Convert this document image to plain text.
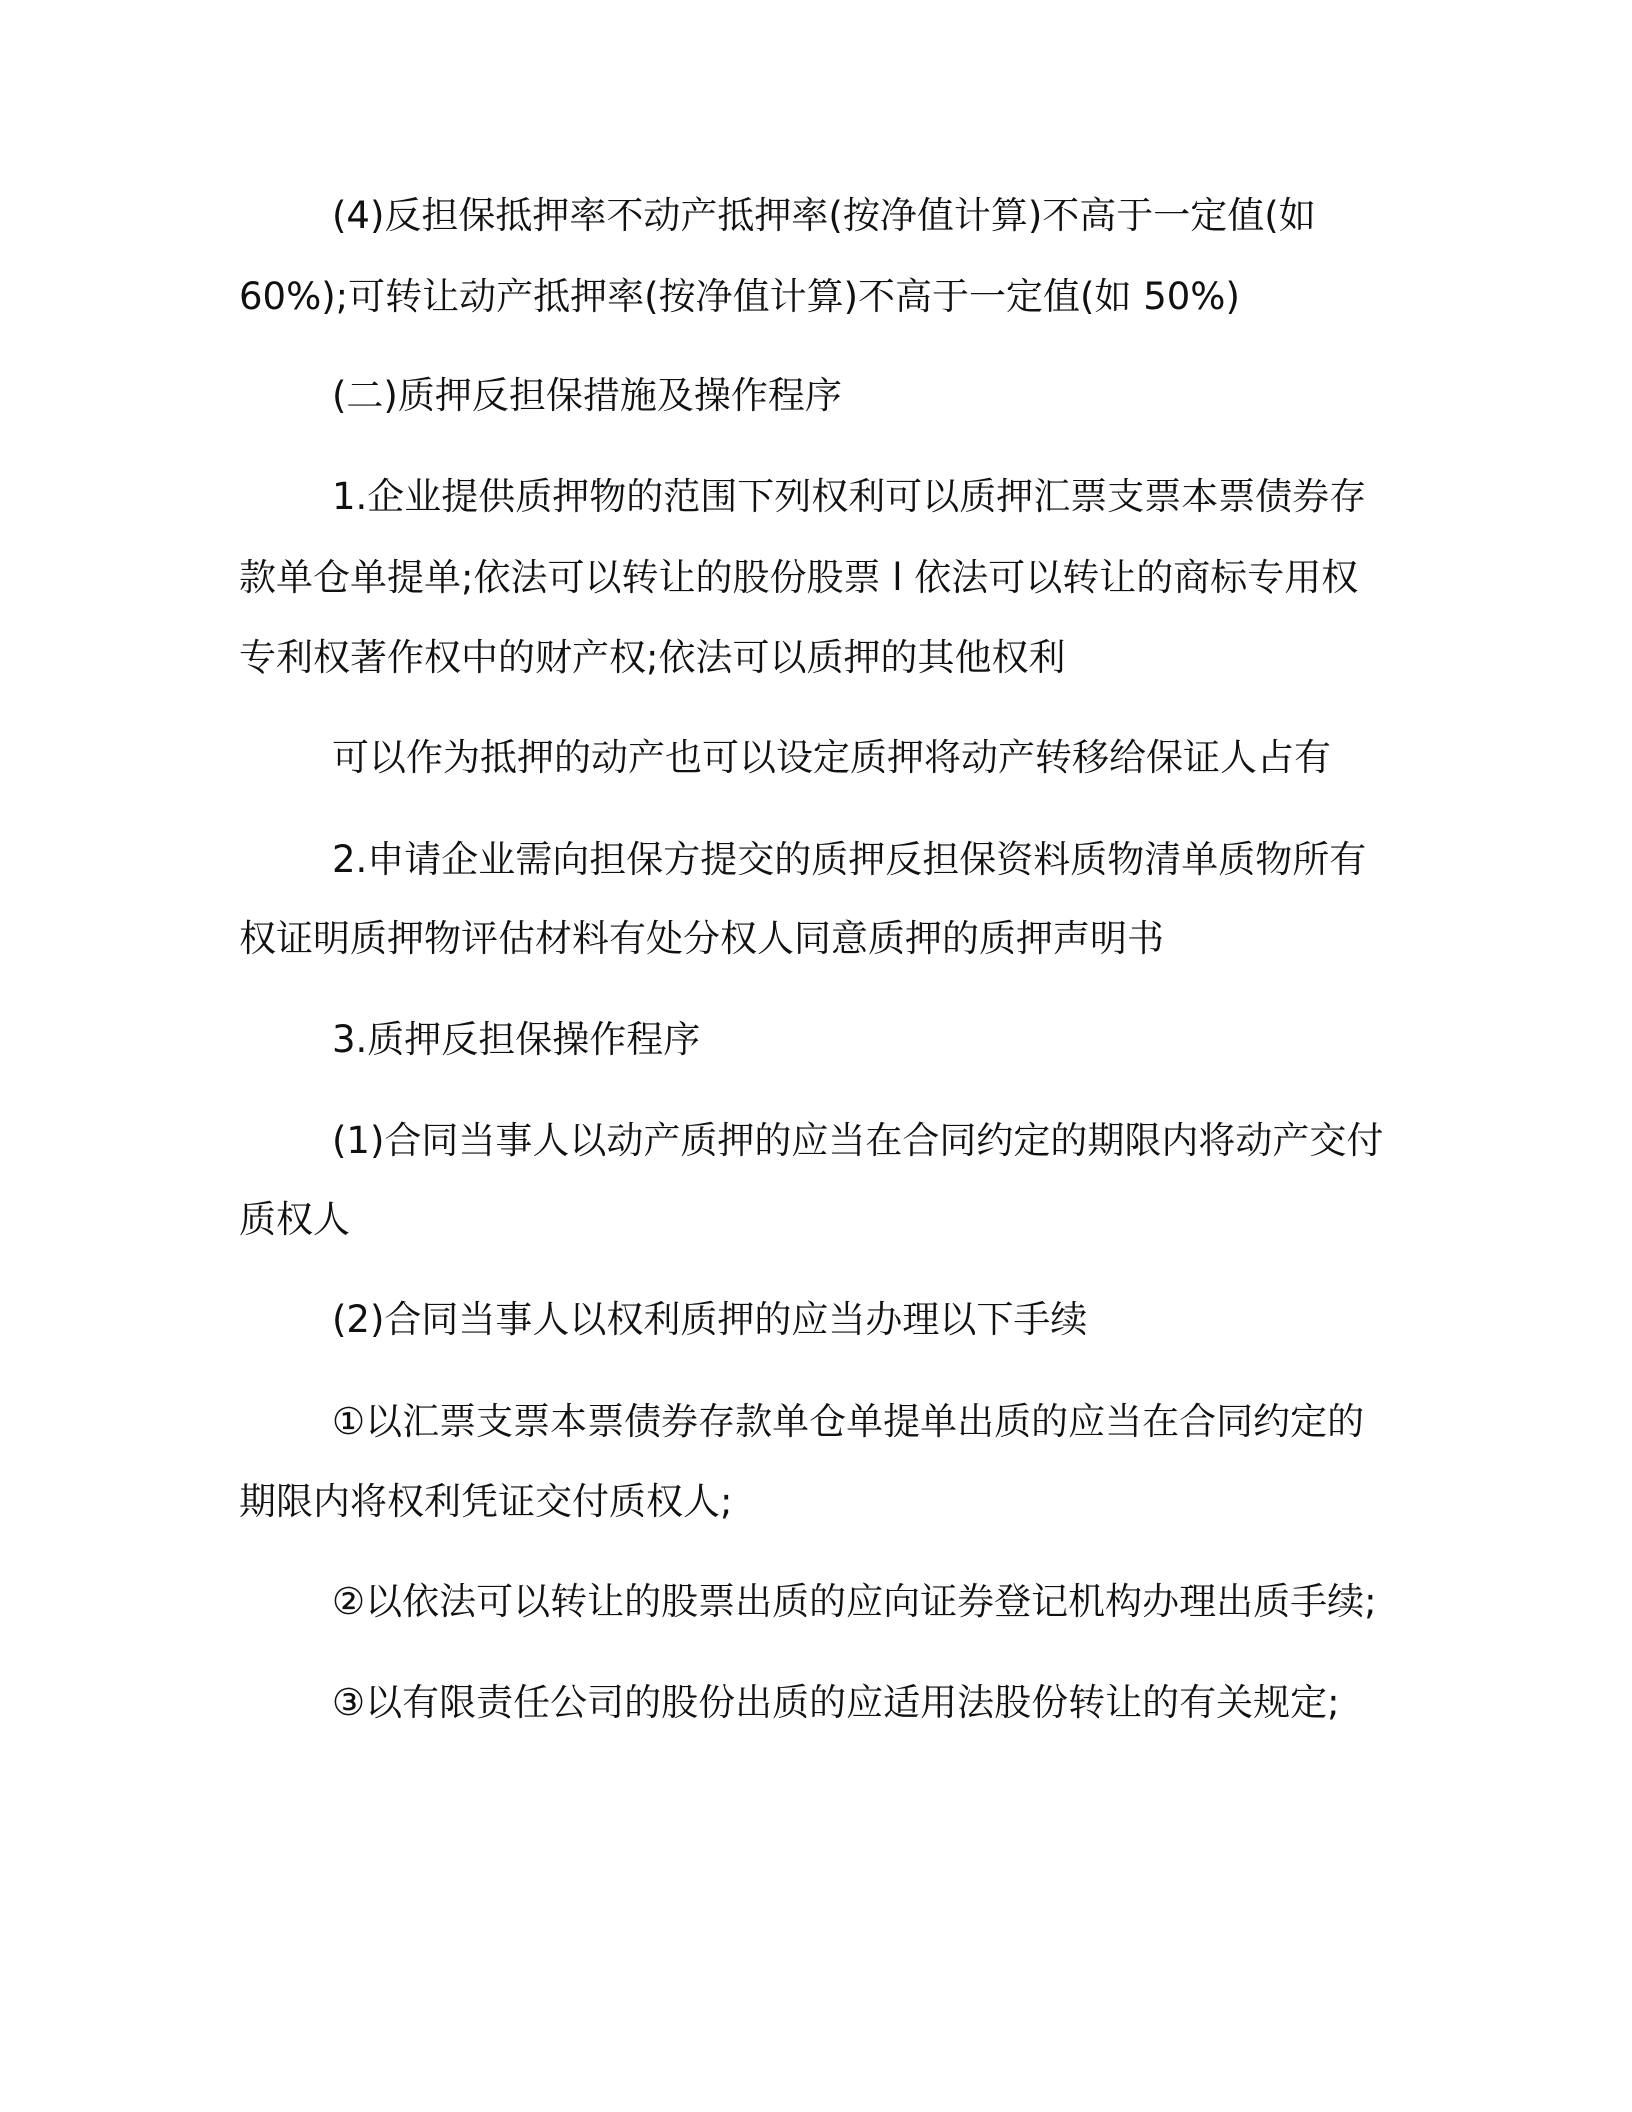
(4)反担保抵押率不动产抵押率(按净值计算)不高于一定值(如
60%);可转让动产抵押率(按净值计算)不高于一定值(如 50%)
(二)质押反担保措施及操作程序
1.企业提供质押物的范围下列权利可以质押汇票支票本票债券存
款单仓单提单;依法可以转让的股份股票 l 依法可以转让的商标专用权
专利权著作权中的财产权;依法可以质押的其他权利
可以作为抵押的动产也可以设定质押将动产转移给保证人占有
2.申请企业需向担保方提交的质押反担保资料质物清单质物所有
权证明质押物评估材料有处分权人同意质押的质押声明书
3.质押反担保操作程序
(1)合同当事人以动产质押的应当在合同约定的期限内将动产交付
质权人
(2)合同当事人以权利质押的应当办理以下手续
①以汇票支票本票债券存款单仓单提单出质的应当在合同约定的
期限内将权利凭证交付质权人;
②以依法可以转让的股票出质的应向证券登记机构办理出质手续;
③以有限责任公司的股份出质的应适用法股份转让的有关规定;
